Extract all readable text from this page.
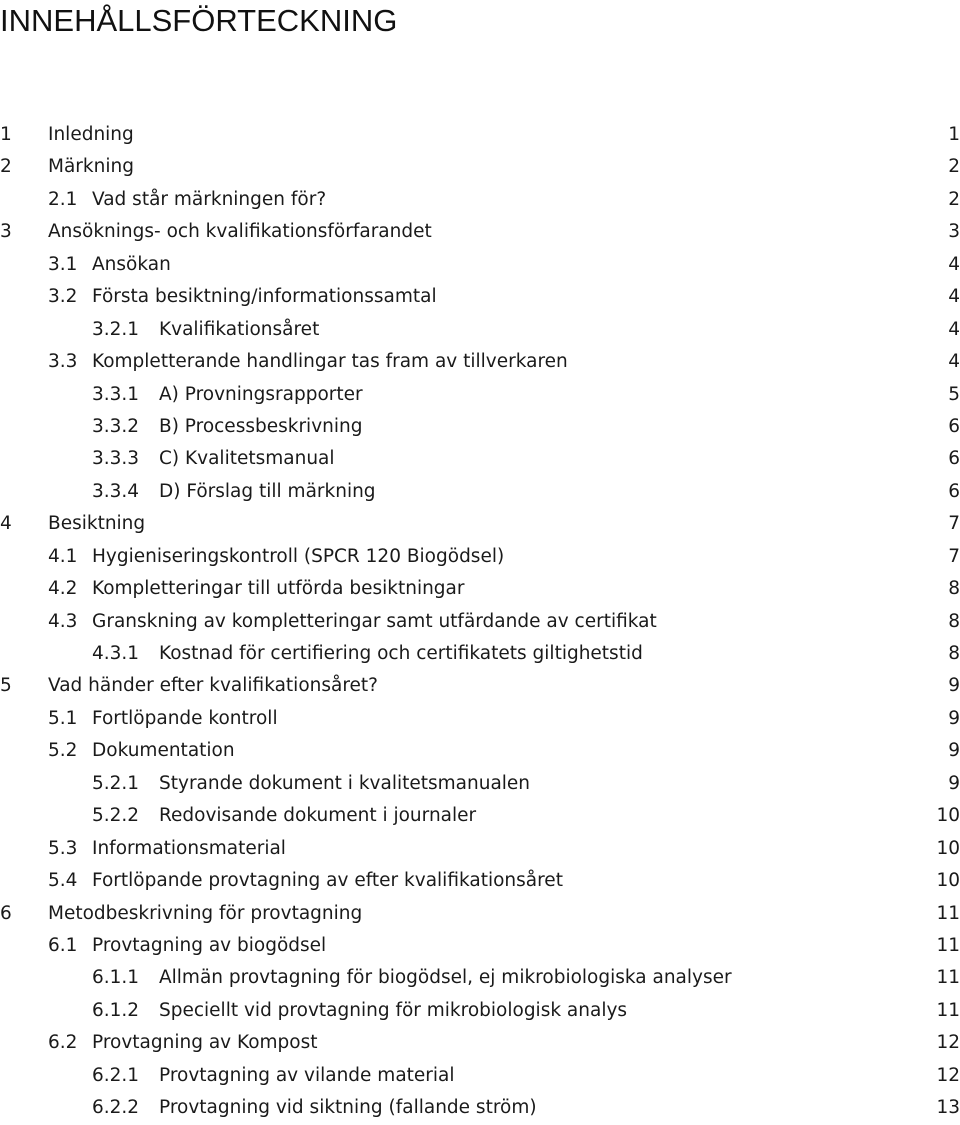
INNEHÅLLSFÖRTECKNING
1 Inledning	1
2 Märkning	2
2.1 Vad står märkningen för?	2
3 Ansöknings- och kvalifikationsförfarandet	3
3.1 Ansökan	4
3.2 Första besiktning/informationssamtal	4
3.2.1 Kvalifikationsåret	4
3.3 Kompletterande handlingar tas fram av tillverkaren	4
3.3.1 A) Provningsrapporter	5
3.3.2 B) Processbeskrivning	6
3.3.3 C) Kvalitetsmanual	6
3.3.4 D) Förslag till märkning	6
4 Besiktning	7
4.1 Hygieniseringskontroll (SPCR 120 Biogödsel)	7
4.2 Kompletteringar till utförda besiktningar	8
4.3 Granskning av kompletteringar samt utfärdande av certifikat	8
4.3.1 Kostnad för certifiering och certifikatets giltighetstid	8
5 Vad händer efter kvalifikationsåret?	9
5.1 Fortlöpande kontroll	9
5.2 Dokumentation	9
5.2.1 Styrande dokument i kvalitetsmanualen	9
5.2.2 Redovisande dokument i journaler	10
5.3 Informationsmaterial	10
5.4 Fortlöpande provtagning av efter kvalifikationsåret	10
6 Metodbeskrivning för provtagning	11
6.1 Provtagning av biogödsel	11
6.1.1 Allmän provtagning för biogödsel, ej mikrobiologiska analyser	11
6.1.2 Speciellt vid provtagning för mikrobiologisk analys	11
6.2 Provtagning av Kompost	12
6.2.1 Provtagning av vilande material	12
6.2.2 Provtagning vid siktning (fallande ström)	13
